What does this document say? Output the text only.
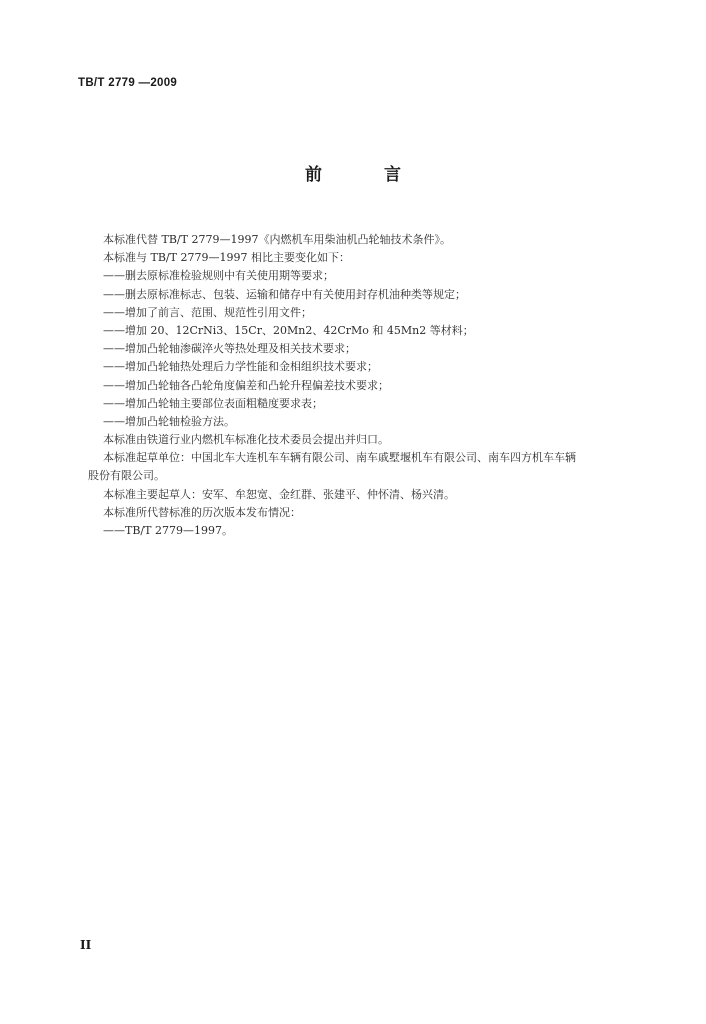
TB/T 2779 —2009
前 言
本标准代替 TB/T 2779—1997《内燃机车用柴油机凸轮轴技术条件》。
本标准与 TB/T 2779—1997 相比主要变化如下：
——删去原标准检验规则中有关使用期等要求；
——删去原标准标志、包装、运输和储存中有关使用封存机油种类等规定；
——增加了前言、范围、规范性引用文件；
——增加 20、12CrNi3、15Cr、20Mn2、42CrMo 和 45Mn2 等材料；
——增加凸轮轴渗碳淬火等热处理及相关技术要求；
——增加凸轮轴热处理后力学性能和金相组织技术要求；
——增加凸轮轴各凸轮角度偏差和凸轮升程偏差技术要求；
——增加凸轮轴主要部位表面粗糙度要求表；
——增加凸轮轴检验方法。
本标准由铁道行业内燃机车标准化技术委员会提出并归口。
本标准起草单位：中国北车大连机车车辆有限公司、南车戚墅堰机车有限公司、南车四方机车车辆
股份有限公司。
本标准主要起草人：安军、牟恕宽、金红群、张建平、仲怀清、杨兴清。
本标准所代替标准的历次版本发布情况：
——TB/T 2779—1997。
II
